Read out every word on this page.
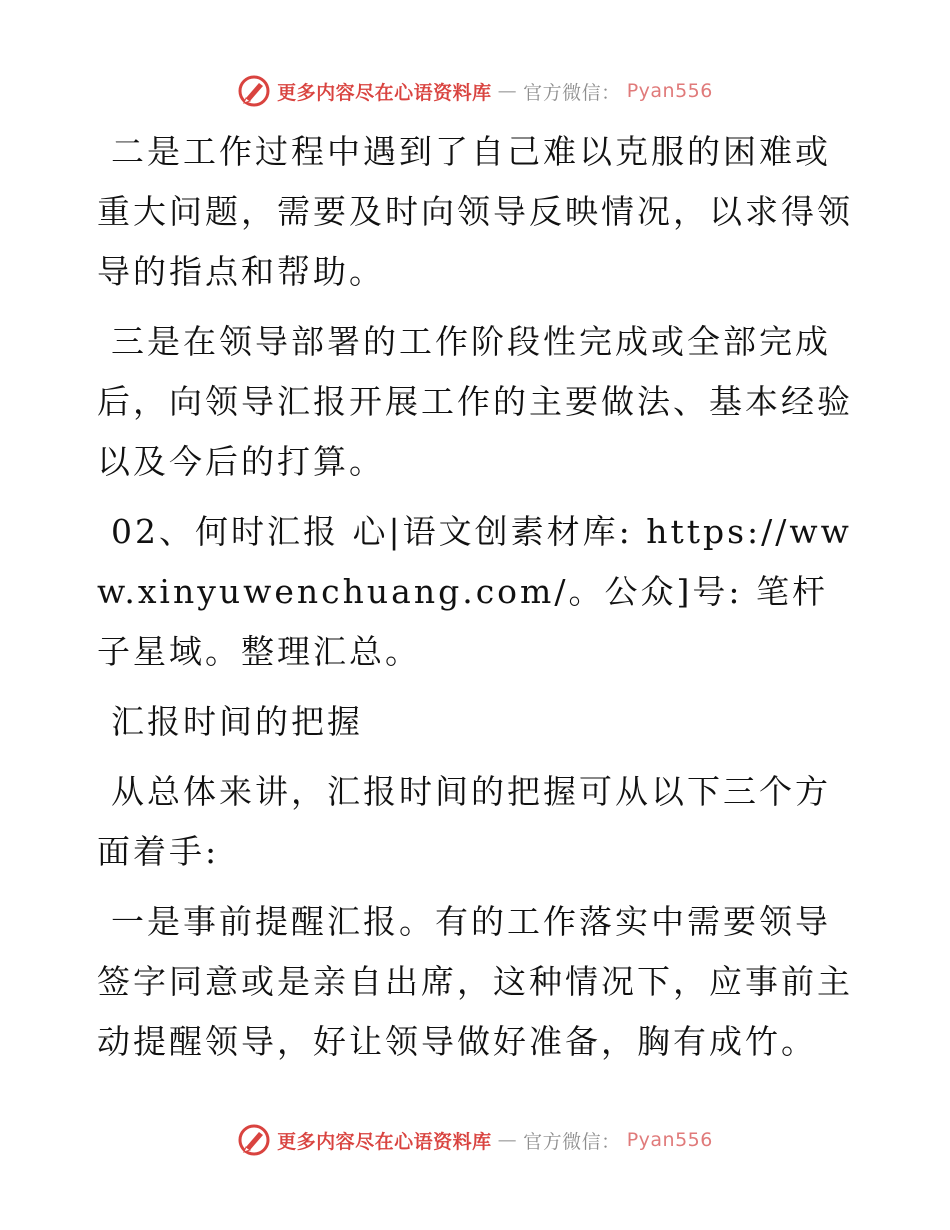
更多内容尽在心语资料库 — 官方微信： Pyan556

二是工作过程中遇到了自己难以克服的困难或重大问题，需要及时向领导反映情况，以求得领导的指点和帮助。

三是在领导部署的工作阶段性完成或全部完成后，向领导汇报开展工作的主要做法、基本经验以及今后的打算。

02、何时汇报 心|语文创素材库: https://www.xinyuwenchuang.com/。公众]号: 笔杆子星域。整理汇总。

汇报时间的把握

从总体来讲，汇报时间的把握可从以下三个方面着手:

一是事前提醒汇报。有的工作落实中需要领导签字同意或是亲自出席，这种情况下，应事前主动提醒领导，好让领导做好准备，胸有成竹。

更多内容尽在心语资料库 — 官方微信： Pyan556
